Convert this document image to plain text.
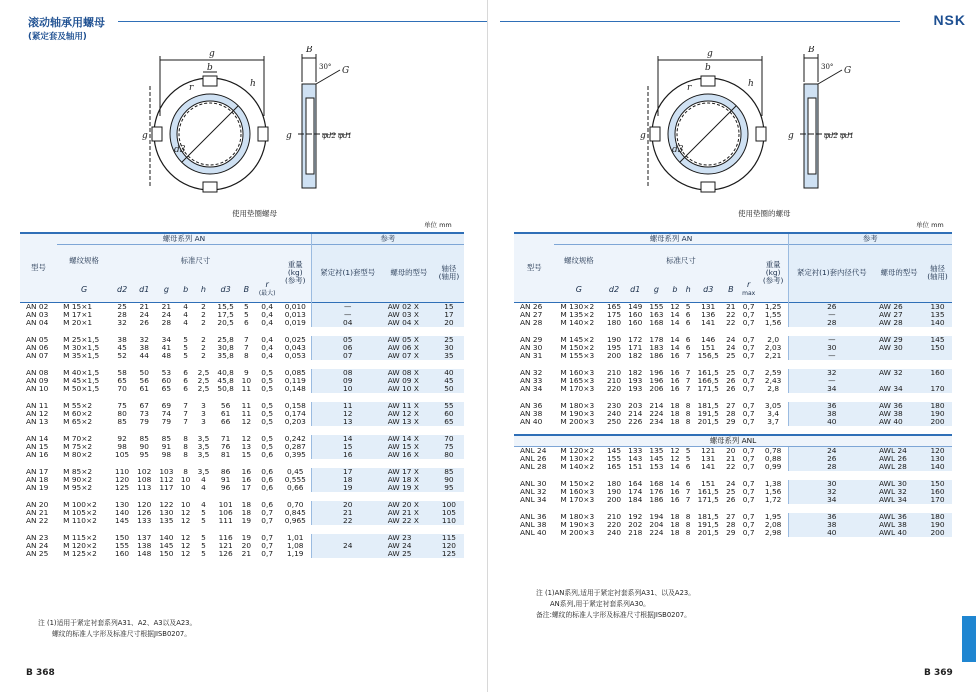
滚动轴承用螺母
(紧定套及轴用)
g
b
h
r
d3
g
B
30° G
g	φd2 φd1
使用垫圈螺母
单位 mm
型号	螺母系列 AN										参考		
	螺纹规格	标准尺寸								重量
(kg)
(参考)	紧定衬(1)套型号	螺母的型号	轴径
(轴用)
	G	d2	d1	g	b	h	d3	B	r
(最大)				
AN 02	M 15×1	25	21	21	4	2	15,5	5	0,4	0,010	—	AW 02 X	15
AN 03	M 17×1	28	24	24	4	2	17,5	5	0,4	0,013	—	AW 03 X	17
AN 04	M 20×1	32	26	28	4	2	20,5	6	0,4	0,019	04	AW 04 X	20

AN 05	M 25×1,5	38	32	34	5	2	25,8	7	0,4	0,025	05	AW 05 X	25
AN 06	M 30×1,5	45	38	41	5	2	30,8	7	0,4	0,043	06	AW 06 X	30
AN 07	M 35×1,5	52	44	48	5	2	35,8	8	0,4	0,053	07	AW 07 X	35

AN 08	M 40×1,5	58	50	53	6	2,5	40,8	9	0,5	0,085	08	AW 08 X	40
AN 09	M 45×1,5	65	56	60	6	2,5	45,8	10	0,5	0,119	09	AW 09 X	45
AN 10	M 50×1,5	70	61	65	6	2,5	50,8	11	0,5	0,148	10	AW 10 X	50

AN 11	M 55×2	75	67	69	7	3	56	11	0,5	0,158	11	AW 11 X	55
AN 12	M 60×2	80	73	74	7	3	61	11	0,5	0,174	12	AW 12 X	60
AN 13	M 65×2	85	79	79	7	3	66	12	0,5	0,203	13	AW 13 X	65

AN 14	M 70×2	92	85	85	8	3,5	71	12	0,5	0,242	14	AW 14 X	70
AN 15	M 75×2	98	90	91	8	3,5	76	13	0,5	0,287	15	AW 15 X	75
AN 16	M 80×2	105	95	98	8	3,5	81	15	0,6	0,395	16	AW 16 X	80

AN 17	M 85×2	110	102	103	8	3,5	86	16	0,6	0,45	17	AW 17 X	85
AN 18	M 90×2	120	108	112	10	4	91	16	0,6	0,555	18	AW 18 X	90
AN 19	M 95×2	125	113	117	10	4	96	17	0,6	0,66	19	AW 19 X	95

AN 20	M 100×2	130	120	122	10	4	101	18	0,6	0,70	20	AW 20 X	100
AN 21	M 105×2	140	126	130	12	5	106	18	0,7	0,845	21	AW 21 X	105
AN 22	M 110×2	145	133	135	12	5	111	19	0,7	0,965	22	AW 22 X	110

AN 23	M 115×2	150	137	140	12	5	116	19	0,7	1,01		AW 23	115
AN 24	M 120×2	155	138	145	12	5	121	20	0,7	1,08	24	AW 24	120
AN 25	M 125×2	160	148	150	12	5	126	21	0,7	1,19		AW 25	125
注 (1)适用于紧定衬套系列A31、A2、A3以及A23。
螺纹的标准人字形及标准尺寸根据JISB0207。
B 368
NSK
g
b
h
r
d3
g
B
30° G
g	φd2 φd1
使用垫圈的螺母
单位 mm
型号	螺母系列 AN										参考		
	螺纹规格	标准尺寸								重量
(kg)
(参考)	紧定衬(1)套内径代号	螺母的型号	轴径
(轴用)
	G	d2	d1	g	b	h	d3	B	r
max				
AN 26	M 130×2	165	149	155	12	5	131	21	0,7	1,25	26	AW 26	130
AN 27	M 135×2	175	160	163	14	6	136	22	0,7	1,55	—	AW 27	135
AN 28	M 140×2	180	160	168	14	6	141	22	0,7	1,56	28	AW 28	140

AN 29	M 145×2	190	172	178	14	6	146	24	0,7	2,0	—	AW 29	145
AN 30	M 150×2	195	171	183	14	6	151	24	0,7	2,03	30	AW 30	150
AN 31	M 155×3	200	182	186	16	7	156,5	25	0,7	2,21	—		

AN 32	M 160×3	210	182	196	16	7	161,5	25	0,7	2,59	32	AW 32	160
AN 33	M 165×3	210	193	196	16	7	166,5	26	0,7	2,43	—		
AN 34	M 170×3	220	193	206	16	7	171,5	26	0,7	2,8	34	AW 34	170

AN 36	M 180×3	230	203	214	18	8	181,5	27	0,7	3,05	36	AW 36	180
AN 38	M 190×3	240	214	224	18	8	191,5	28	0,7	3,4	38	AW 38	190
AN 40	M 200×3	250	226	234	18	8	201,5	29	0,7	3,7	40	AW 40	200

螺母系列 ANL													
ANL 24	M 120×2	145	133	135	12	5	121	20	0,7	0,78	24	AWL 24	120
ANL 26	M 130×2	155	143	145	12	5	131	21	0,7	0,88	26	AWL 26	130
ANL 28	M 140×2	165	151	153	14	6	141	22	0,7	0,99	28	AWL 28	140

ANL 30	M 150×2	180	164	168	14	6	151	24	0,7	1,38	30	AWL 30	150
ANL 32	M 160×3	190	174	176	16	7	161,5	25	0,7	1,56	32	AWL 32	160
ANL 34	M 170×3	200	184	186	16	7	171,5	26	0,7	1,72	34	AWL 34	170

ANL 36	M 180×3	210	192	194	18	8	181,5	27	0,7	1,95	36	AWL 36	180
ANL 38	M 190×3	220	202	204	18	8	191,5	28	0,7	2,08	38	AWL 38	190
ANL 40	M 200×3	240	218	224	18	8	201,5	29	0,7	2,98	40	AWL 40	200
注 (1)AN系列,适用于紧定衬套系列A31、以及A23。
AN系列,用于紧定衬套系列A30。
备注:螺纹的标准人字形及标准尺寸根据JISB0207。
B 369
